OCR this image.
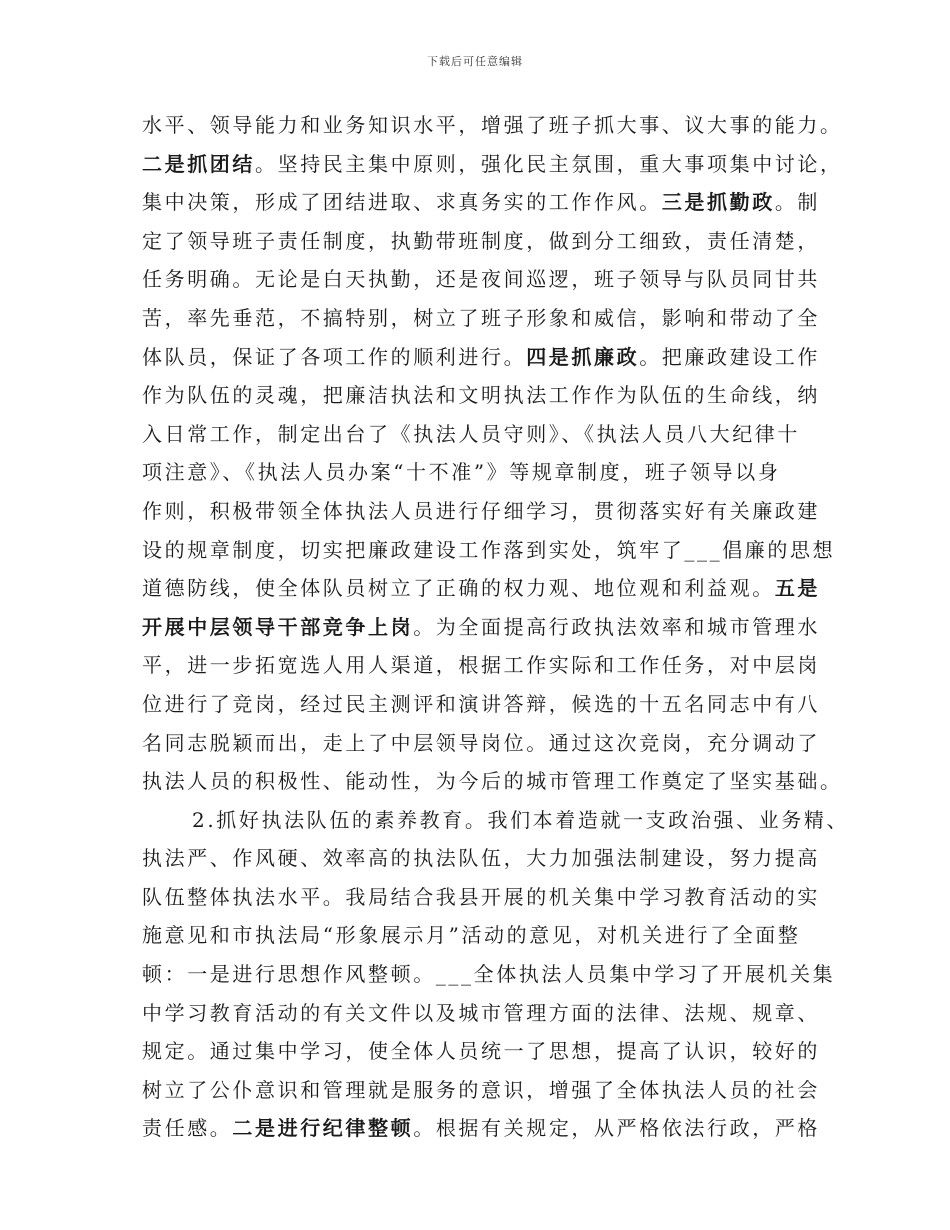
下载后可任意编辑
水平、领导能力和业务知识水平，增强了班子抓大事、议大事的能力。
二是抓团结。坚持民主集中原则，强化民主氛围，重大事项集中讨论，
集中决策，形成了团结进取、求真务实的工作作风。三是抓勤政。制
定了领导班子责任制度，执勤带班制度，做到分工细致，责任清楚，
任务明确。无论是白天执勤，还是夜间巡逻，班子领导与队员同甘共
苦，率先垂范，不搞特别，树立了班子形象和威信，影响和带动了全
体队员，保证了各项工作的顺利进行。四是抓廉政。把廉政建设工作
作为队伍的灵魂，把廉洁执法和文明执法工作作为队伍的生命线，纳
入日常工作，制定出台了《执法人员守则》、《执法人员八大纪律十
项注意》、《执法人员办案“十不准”》等规章制度，班子领导以身
作则，积极带领全体执法人员进行仔细学习，贯彻落实好有关廉政建
设的规章制度，切实把廉政建设工作落到实处，筑牢了___倡廉的思想
道德防线，使全体队员树立了正确的权力观、地位观和利益观。五是
开展中层领导干部竞争上岗。为全面提高行政执法效率和城市管理水
平，进一步拓宽选人用人渠道，根据工作实际和工作任务，对中层岗
位进行了竞岗，经过民主测评和演讲答辩，候选的十五名同志中有八
名同志脱颖而出，走上了中层领导岗位。通过这次竞岗，充分调动了
执法人员的积极性、能动性，为今后的城市管理工作奠定了坚实基础。
2.抓好执法队伍的素养教育。我们本着造就一支政治强、业务精、
执法严、作风硬、效率高的执法队伍，大力加强法制建设，努力提高
队伍整体执法水平。我局结合我县开展的机关集中学习教育活动的实
施意见和市执法局“形象展示月”活动的意见，对机关进行了全面整
顿：一是进行思想作风整顿。___全体执法人员集中学习了开展机关集
中学习教育活动的有关文件以及城市管理方面的法律、法规、规章、
规定。通过集中学习，使全体人员统一了思想，提高了认识，较好的
树立了公仆意识和管理就是服务的意识，增强了全体执法人员的社会
责任感。二是进行纪律整顿。根据有关规定，从严格依法行政，严格
